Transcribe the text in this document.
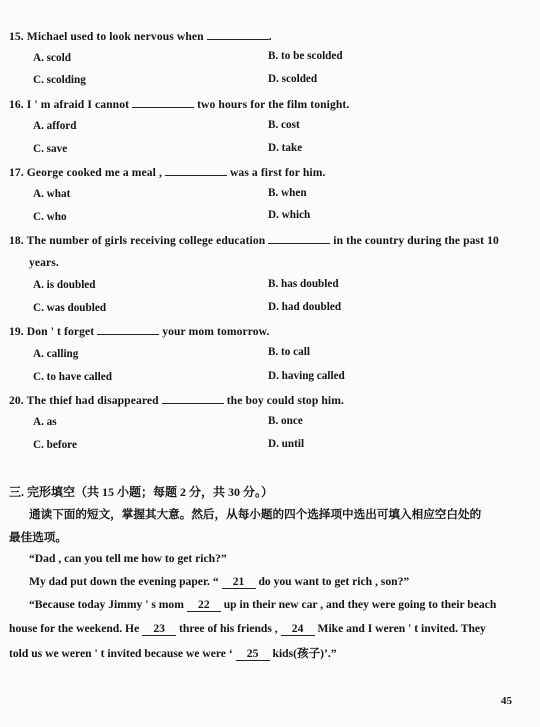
15. Michael used to look nervous when	.
A. scold	B. to be scolded
C. scolding	D. scolded
16. I ' m afraid I cannot	two hours for the film tonight.
A. afford	B. cost
C. save	D. take
17. George cooked me a meal ,	was a first for him.
A. what	B. when
C. who	D. which
18. The number of girls receiving college education	in the country during the past 10
years.
A. is doubled	B. has doubled
C. was doubled	D. had doubled
19. Don ' t forget	your mom tomorrow.
A. calling	B. to call
C. to have called	D. having called
20. The thief had disappeared	the boy could stop him.
A. as	B. once
C. before	D. until
三. 完形填空（共 15 小题；每题 2 分，共 30 分。）
通读下面的短文，掌握其大意。然后，从每小题的四个选择项中选出可填入相应空白处的
最佳选项。
“Dad , can you tell me how to get rich?”
My dad put down the evening paper. “ 21 do you want to get rich , son?”
“Because today Jimmy ' s mom 22 up in their new car , and they were going to their beach
house for the weekend. He 23 three of his friends , 24 Mike and I weren ' t invited. They
told us we weren ' t invited because we were ‘ 25 kids(孩子)’.”
45
